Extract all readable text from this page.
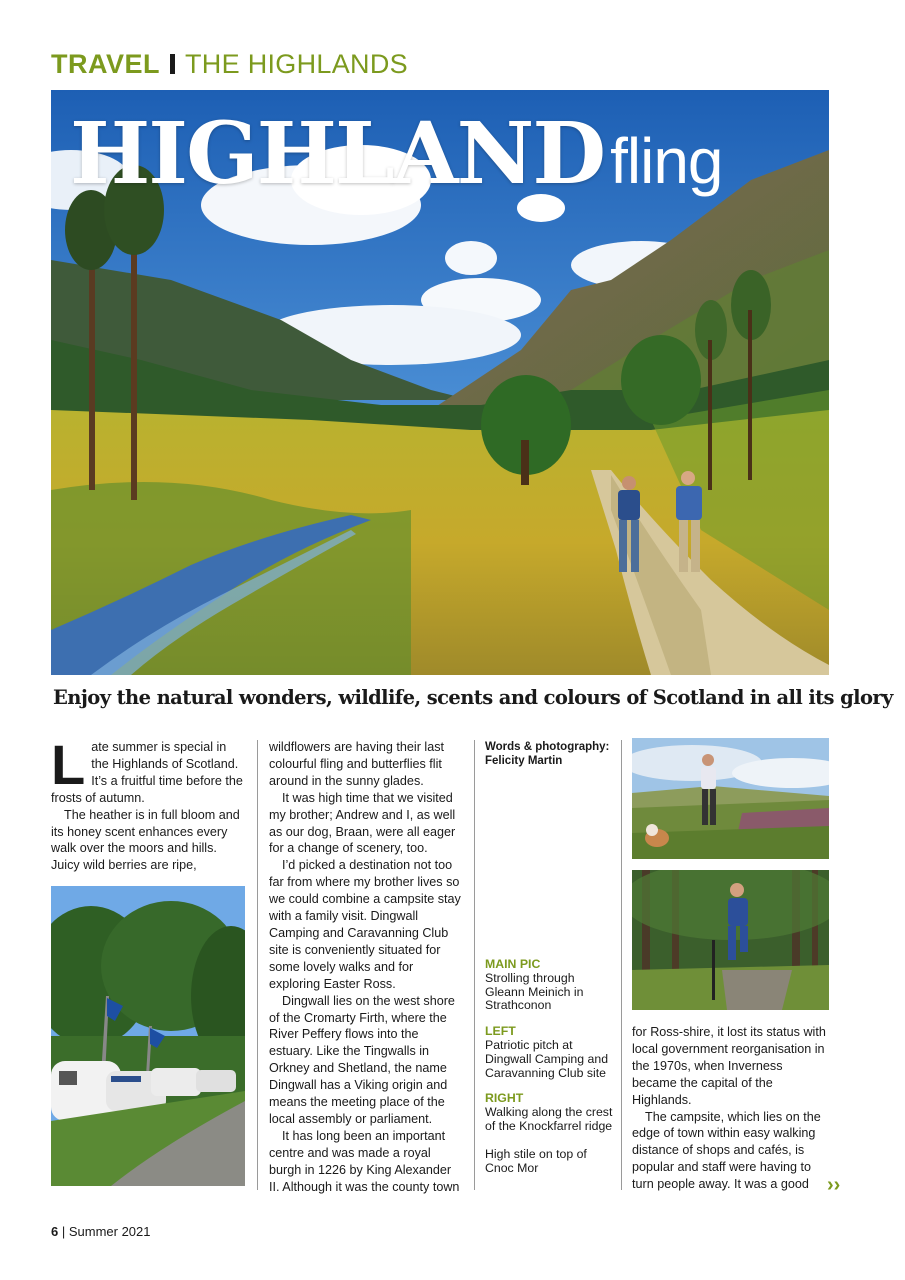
TRAVEL THE HIGHLANDS
HIGHLANDfling
Enjoy the natural wonders, wildlife, scents and colours of Scotland in all its glory

Late summer is special in the Highlands of Scotland. It’s a fruitful time before the frosts of autumn.

The heather is in full bloom and its honey scent enhances every walk over the moors and hills. Juicy wild berries are ripe,

wildflowers are having their last colourful fling and butterflies flit around in the sunny glades.

It was high time that we visited my brother; Andrew and I, as well as our dog, Braan, were all eager for a change of scenery, too.

I’d picked a destination not too far from where my brother lives so we could combine a campsite stay with a family visit. Dingwall Camping and Caravanning Club site is conveniently situated for some lovely walks and for exploring Easter Ross.

Dingwall lies on the west shore of the Cromarty Firth, where the River Peffery flows into the estuary. Like the Tingwalls in Orkney and Shetland, the name Dingwall has a Viking origin and means the meeting place of the local assembly or parliament.

It has long been an important centre and was made a royal burgh in 1226 by King Alexander II. Although it was the county town

Words & photography:
Felicity Martin
MAIN PIC
Strolling through Gleann Meinich in Strathconon
LEFT
Patriotic pitch at Dingwall Camping and Caravanning Club site
RIGHT
Walking along the crest of the Knockfarrel ridge
High stile on top of Cnoc Mor

for Ross-shire, it lost its status with local government reorganisation in the 1970s, when Inverness became the capital of the Highlands.

The campsite, which lies on the edge of town within easy walking distance of shops and cafés, is popular and staff were having to turn people away. It was a good ››
6 | Summer 2021
